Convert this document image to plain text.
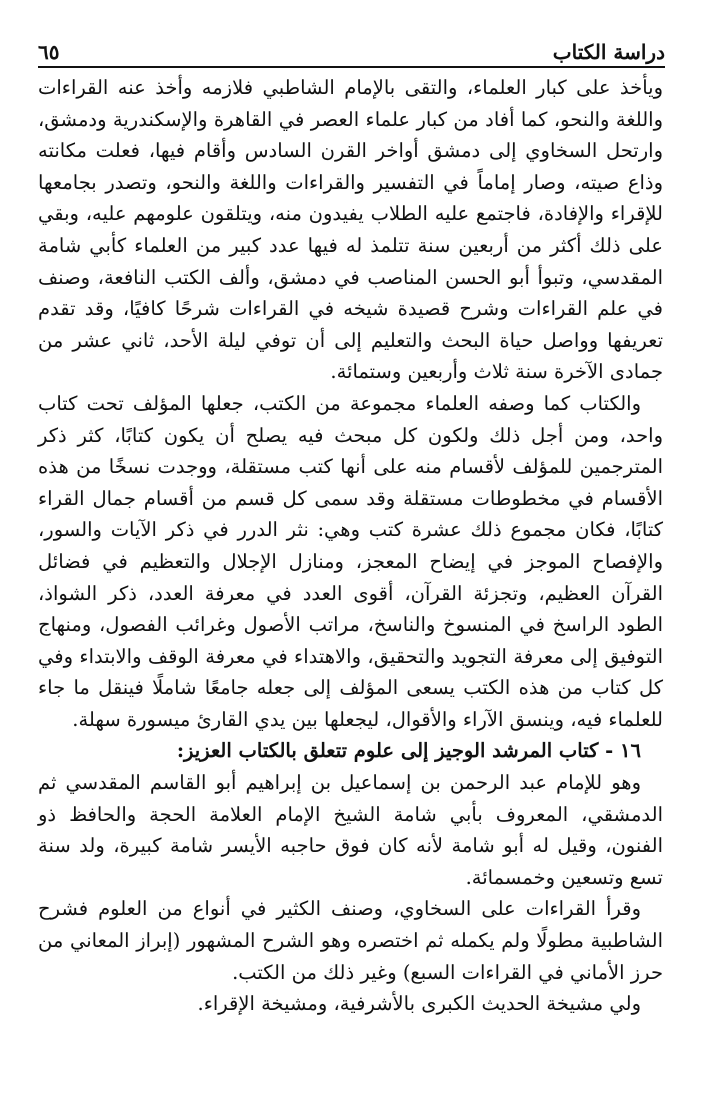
دراسة الكتاب
٦٥

ويأخذ على كبار العلماء، والتقى بالإمام الشاطبي فلازمه وأخذ عنه القراءات واللغة والنحو، كما أفاد من كبار علماء العصر في القاهرة والإسكندرية ودمشق، وارتحل السخاوي إلى دمشق أواخر القرن السادس وأقام فيها، فعلت مكانته وذاع صيته، وصار إماماً في التفسير والقراءات واللغة والنحو، وتصدر بجامعها للإقراء والإفادة، فاجتمع عليه الطلاب يفيدون منه، ويتلقون علومهم عليه، وبقي على ذلك أكثر من أربعين سنة تتلمذ له فيها عدد كبير من العلماء كأبي شامة المقدسي، وتبوأ أبو الحسن المناصب في دمشق، وألف الكتب النافعة، وصنف في علم القراءات وشرح قصيدة شيخه في القراءات شرحًا كافيًا، وقد تقدم تعريفها وواصل حياة البحث والتعليم إلى أن توفي ليلة الأحد، ثاني عشر من جمادى الآخرة سنة ثلاث وأربعين وستمائة.

والكتاب كما وصفه العلماء مجموعة من الكتب، جعلها المؤلف تحت كتاب واحد، ومن أجل ذلك ولكون كل مبحث فيه يصلح أن يكون كتابًا، كثر ذكر المترجمين للمؤلف لأقسام منه على أنها كتب مستقلة، ووجدت نسخًا من هذه الأقسام في مخطوطات مستقلة وقد سمى كل قسم من أقسام جمال القراء كتابًا، فكان مجموع ذلك عشرة كتب وهي: نثر الدرر في ذكر الآيات والسور، والإفصاح الموجز في إيضاح المعجز، ومنازل الإجلال والتعظيم في فضائل القرآن العظيم، وتجزئة القرآن، أقوى العدد في معرفة العدد، ذكر الشواذ، الطود الراسخ في المنسوخ والناسخ، مراتب الأصول وغرائب الفصول، ومنهاج التوفيق إلى معرفة التجويد والتحقيق، والاهتداء في معرفة الوقف والابتداء وفي كل كتاب من هذه الكتب يسعى المؤلف إلى جعله جامعًا شاملًا فينقل ما جاء للعلماء فيه، وينسق الآراء والأقوال، ليجعلها بين يدي القارئ ميسورة سهلة.

١٦ - كتاب المرشد الوجيز إلى علوم تتعلق بالكتاب العزيز:

وهو للإمام عبد الرحمن بن إسماعيل بن إبراهيم أبو القاسم المقدسي ثم الدمشقي، المعروف بأبي شامة الشيخ الإمام العلامة الحجة والحافظ ذو الفنون، وقيل له أبو شامة لأنه كان فوق حاجبه الأيسر شامة كبيرة، ولد سنة تسع وتسعين وخمسمائة.

وقرأ القراءات على السخاوي، وصنف الكثير في أنواع من العلوم فشرح الشاطبية مطولًا ولم يكمله ثم اختصره وهو الشرح المشهور (إبراز المعاني من حرز الأماني في القراءات السبع) وغير ذلك من الكتب.

ولي مشيخة الحديث الكبرى بالأشرفية، ومشيخة الإقراء.
